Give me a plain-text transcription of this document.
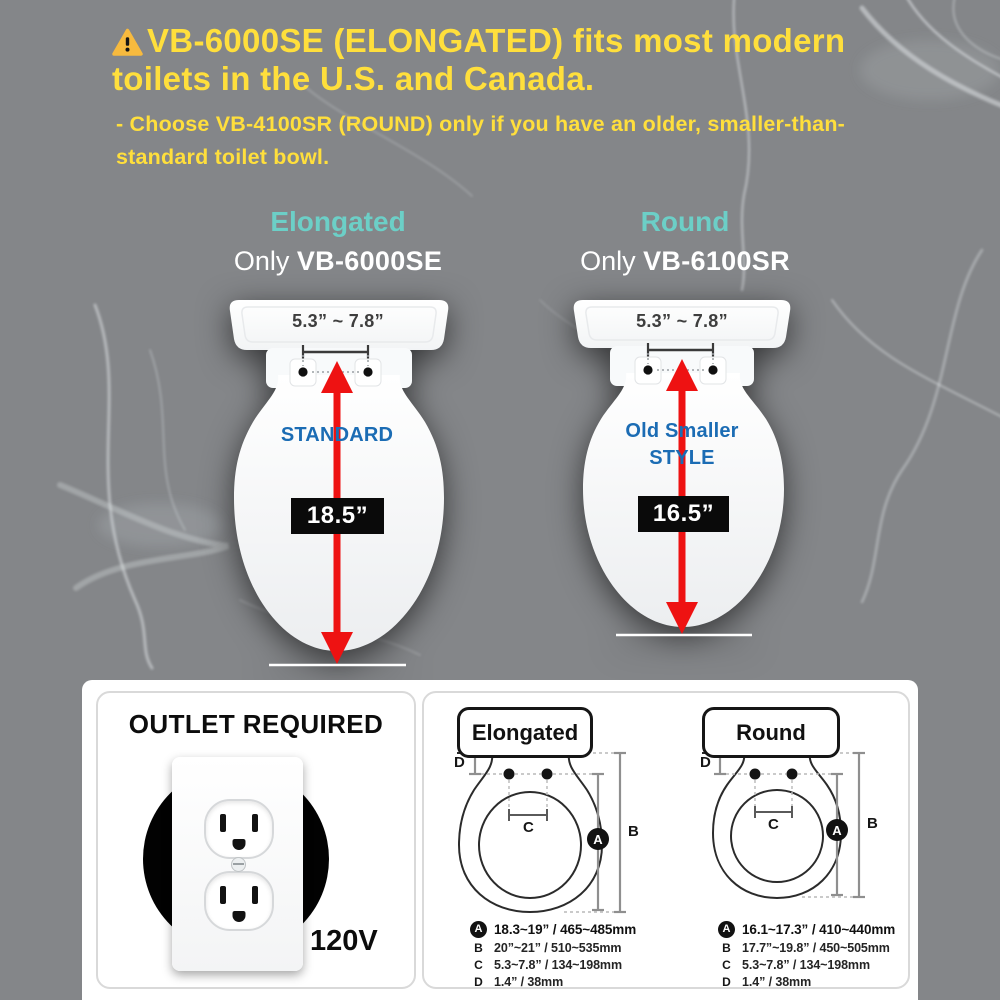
VB-6000SE (ELONGATED) fits most modern
toilets in the U.S. and Canada.
- Choose VB-4100SR (ROUND) only if you have an older, smaller-than-
standard toilet bowl.
Elongated
Only VB-6000SE
Round
Only VB-6100SR
5.3” ~ 7.8”	5.3” ~ 7.8”
STANDARD	Old Smaller
STYLE
18.5”	16.5”
OUTLET REQUIRED
120V
Elongated	Round
D
C	B
A
D
C	B
A
A 18.3~19” / 465~485mm
B 20”~21” / 510~535mm
C 5.3~7.8” / 134~198mm
D 1.4” / 38mm
A 16.1~17.3” / 410~440mm
B 17.7”~19.8” / 450~505mm
C 5.3~7.8” / 134~198mm
D 1.4” / 38mm
